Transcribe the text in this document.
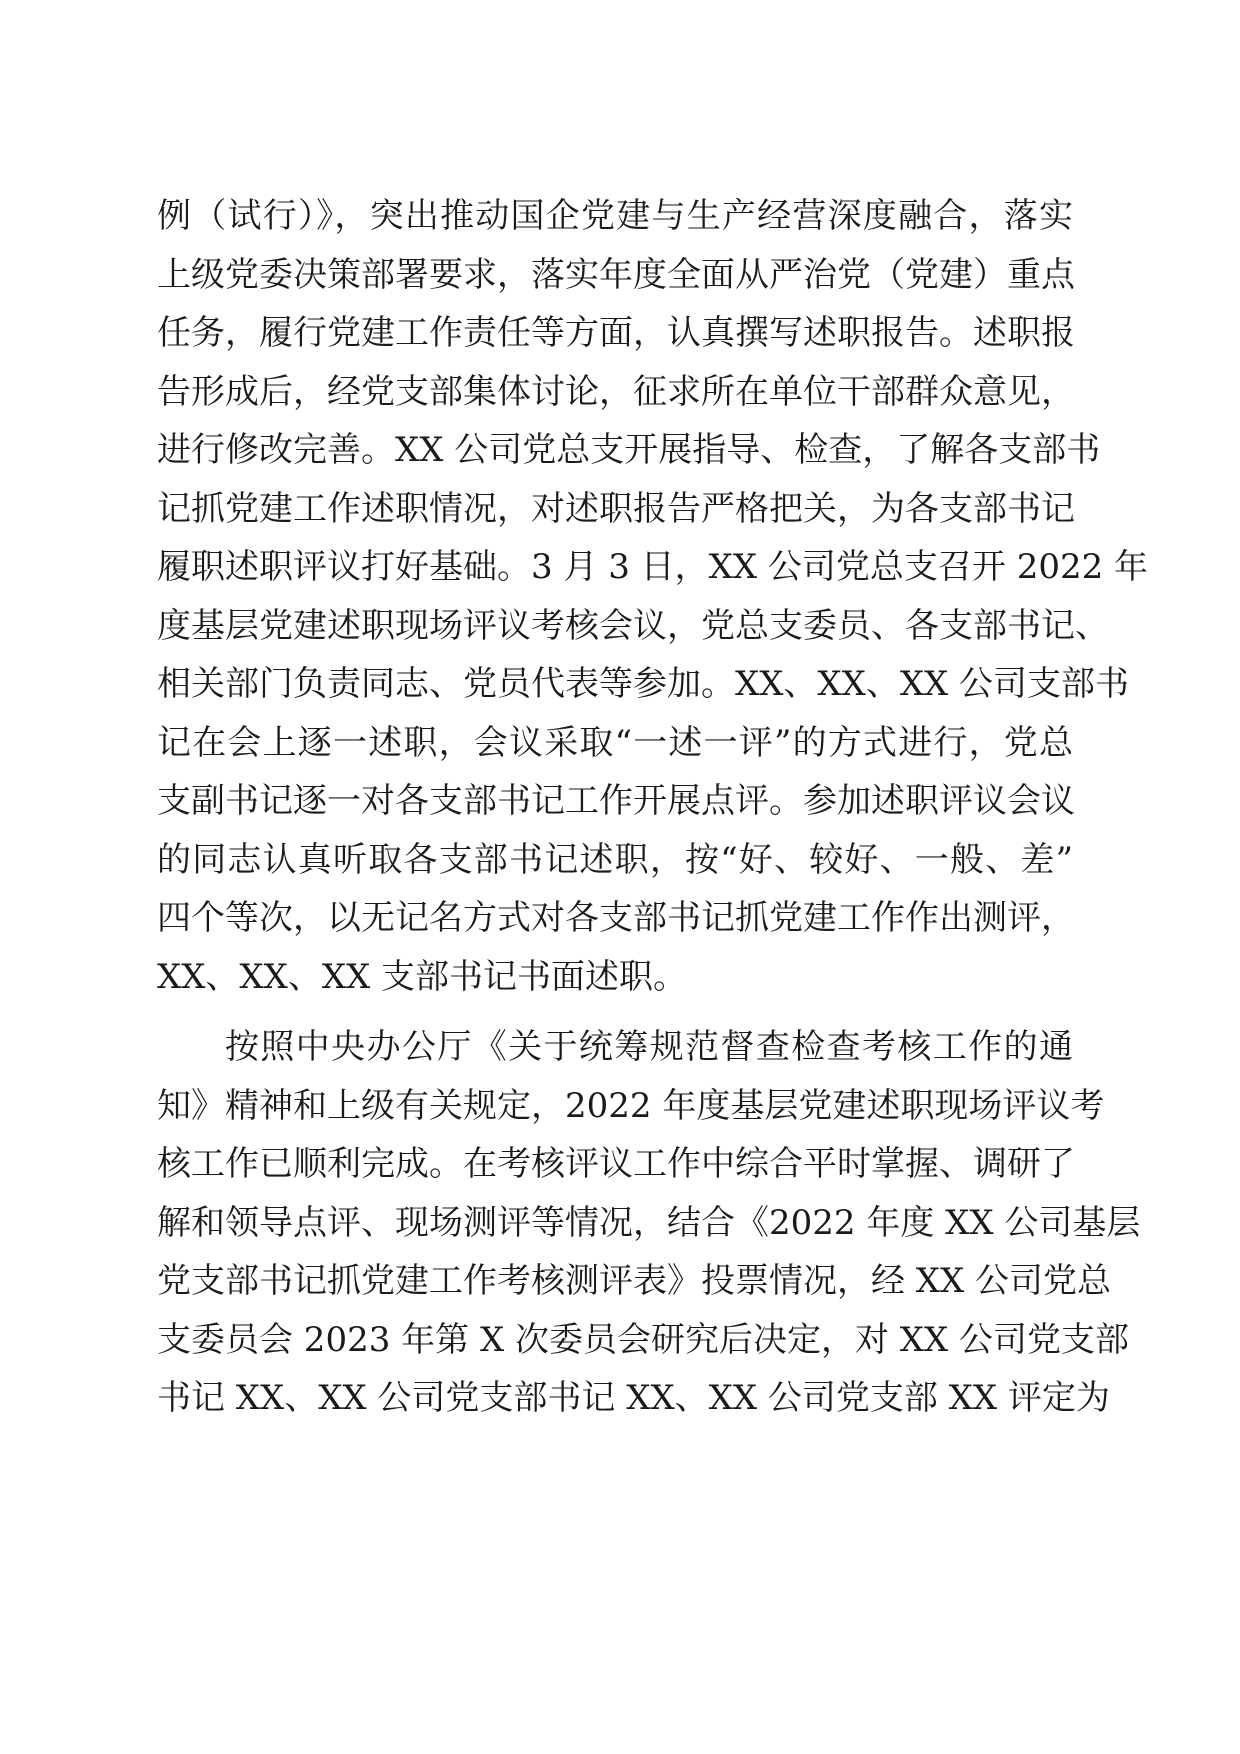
例（试行）》，突出推动国企党建与生产经营深度融合，落实
上级党委决策部署要求，落实年度全面从严治党（党建）重点
任务，履行党建工作责任等方面，认真撰写述职报告。述职报
告形成后，经党支部集体讨论，征求所在单位干部群众意见，
进行修改完善。XX 公司党总支开展指导、检查，了解各支部书
记抓党建工作述职情况，对述职报告严格把关，为各支部书记
履职述职评议打好基础。3 月 3 日，XX 公司党总支召开 2022 年
度基层党建述职现场评议考核会议，党总支委员、各支部书记、
相关部门负责同志、党员代表等参加。XX、XX、XX 公司支部书
记在会上逐一述职，会议采取“一述一评”的方式进行，党总
支副书记逐一对各支部书记工作开展点评。参加述职评议会议
的同志认真听取各支部书记述职，按“好、较好、一般、差”
四个等次，以无记名方式对各支部书记抓党建工作作出测评，
XX、XX、XX 支部书记书面述职。
按照中央办公厅《关于统筹规范督查检查考核工作的通
知》精神和上级有关规定，2022 年度基层党建述职现场评议考
核工作已顺利完成。在考核评议工作中综合平时掌握、调研了
解和领导点评、现场测评等情况，结合《2022 年度 XX 公司基层
党支部书记抓党建工作考核测评表》投票情况，经 XX 公司党总
支委员会 2023 年第 X 次委员会研究后决定，对 XX 公司党支部
书记 XX、XX 公司党支部书记 XX、XX 公司党支部 XX 评定为
